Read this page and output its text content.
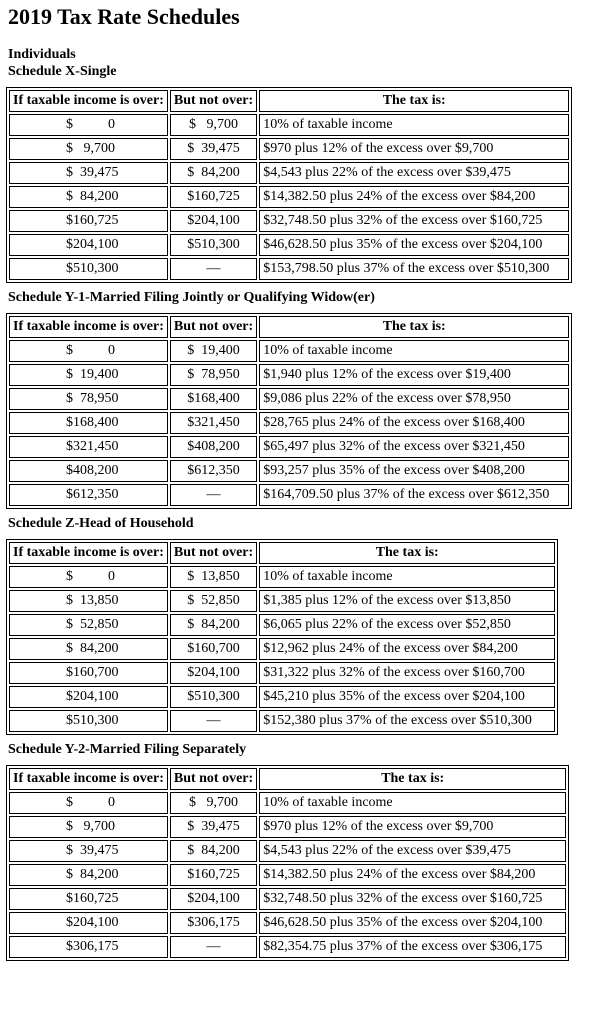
2019 Tax Rate Schedules
Individuals
Schedule X-Single
If taxable income is over:	But not over:	The tax is:
$          0	$   9,700	10% of taxable income
$   9,700	$  39,475	$970 plus 12% of the excess over $9,700
$  39,475	$  84,200	$4,543 plus 22% of the excess over $39,475
$  84,200	$160,725	$14,382.50 plus 24% of the excess over $84,200
$160,725	$204,100	$32,748.50 plus 32% of the excess over $160,725
$204,100	$510,300	$46,628.50 plus 35% of the excess over $204,100
$510,300	—	$153,798.50 plus 37% of the excess over $510,300
Schedule Y-1-Married Filing Jointly or Qualifying Widow(er)
If taxable income is over:	But not over:	The tax is:
$          0	$  19,400	10% of taxable income
$  19,400	$  78,950	$1,940 plus 12% of the excess over $19,400
$  78,950	$168,400	$9,086 plus 22% of the excess over $78,950
$168,400	$321,450	$28,765 plus 24% of the excess over $168,400
$321,450	$408,200	$65,497 plus 32% of the excess over $321,450
$408,200	$612,350	$93,257 plus 35% of the excess over $408,200
$612,350	—	$164,709.50 plus 37% of the excess over $612,350
Schedule Z-Head of Household
If taxable income is over:	But not over:	The tax is:
$          0	$  13,850	10% of taxable income
$  13,850	$  52,850	$1,385 plus 12% of the excess over $13,850
$  52,850	$  84,200	$6,065 plus 22% of the excess over $52,850
$  84,200	$160,700	$12,962 plus 24% of the excess over $84,200
$160,700	$204,100	$31,322 plus 32% of the excess over $160,700
$204,100	$510,300	$45,210 plus 35% of the excess over $204,100
$510,300	—	$152,380 plus 37% of the excess over $510,300
Schedule Y-2-Married Filing Separately
If taxable income is over:	But not over:	The tax is:
$          0	$   9,700	10% of taxable income
$   9,700	$  39,475	$970 plus 12% of the excess over $9,700
$  39,475	$  84,200	$4,543 plus 22% of the excess over $39,475
$  84,200	$160,725	$14,382.50 plus 24% of the excess over $84,200
$160,725	$204,100	$32,748.50 plus 32% of the excess over $160,725
$204,100	$306,175	$46,628.50 plus 35% of the excess over $204,100
$306,175	—	$82,354.75 plus 37% of the excess over $306,175
